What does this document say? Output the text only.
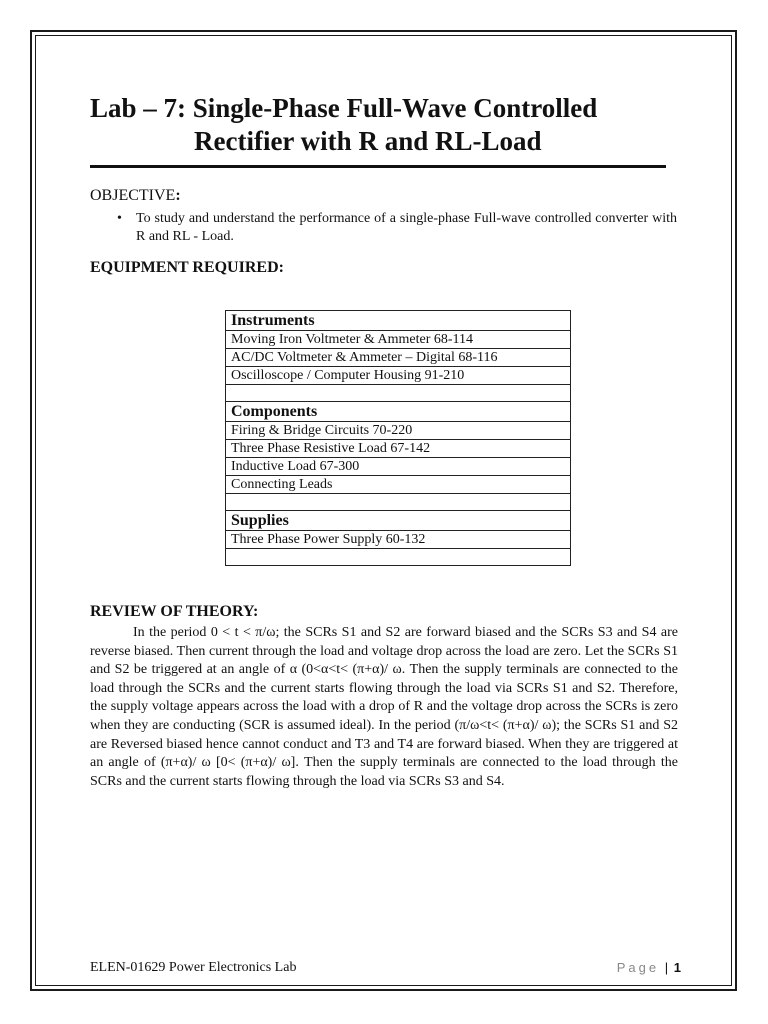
Lab – 7: Single-Phase Full-Wave Controlled
Rectifier with R and RL-Load
OBJECTIVE:
•	To study and understand the performance of a single-phase Full-wave controlled converter with R and RL - Load.
EQUIPMENT REQUIRED:
Instruments
Moving Iron Voltmeter & Ammeter 68-114
AC/DC Voltmeter & Ammeter – Digital 68-116
Oscilloscope / Computer Housing 91-210

Components
Firing & Bridge Circuits 70-220
Three Phase Resistive Load 67-142
Inductive Load 67-300
Connecting Leads

Supplies
Three Phase Power Supply 60-132

REVIEW OF THEORY:
In the period 0 < t < π/ω; the SCRs S1 and S2 are forward biased and the SCRs S3 and S4 are reverse biased. Then current through the load and voltage drop across the load are zero. Let the SCRs S1 and S2 be triggered at an angle of α (0<α<t< (π+α)/ ω. Then the supply terminals are connected to the load through the SCRs and the current starts flowing through the load via SCRs S1 and S2. Therefore, the supply voltage appears across the load with a drop of R and the voltage drop across the SCRs is zero when they are conducting (SCR is assumed ideal). In the period (π/ω<t< (π+α)/ ω); the SCRs S1 and S2 are Reversed biased hence cannot conduct and T3 and T4 are forward biased. When they are triggered at an angle of (π+α)/ ω [0< (π+α)/ ω]. Then the supply terminals are connected to the load through the SCRs and the current starts flowing through the load via SCRs S3 and S4.
ELEN-01629 Power Electronics Lab	Page | 1
